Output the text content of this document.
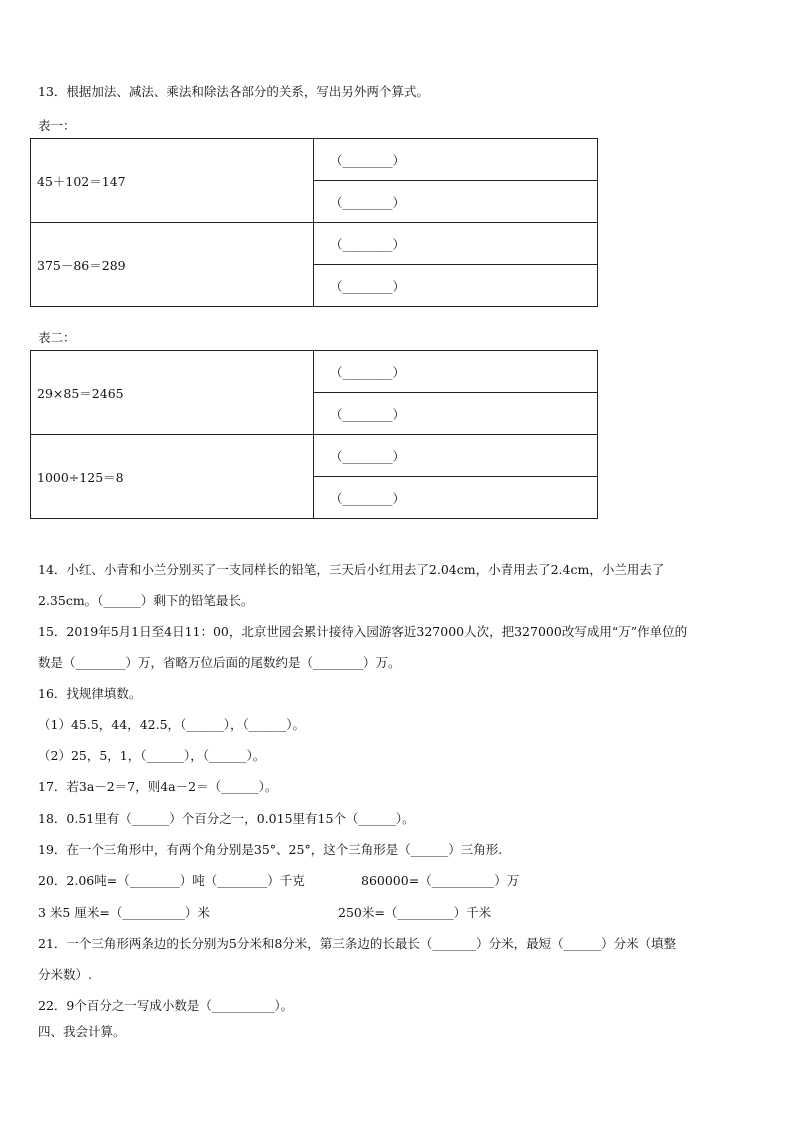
13．根据加法、减法、乘法和除法各部分的关系，写出另外两个算式。
表一：
45＋102＝147	（________）
	（________）
375－86＝289	（________）
	（________）
表二：
29×85＝2465	（________）
	（________）
1000÷125＝8	（________）
	（________）
14．小红、小青和小兰分别买了一支同样长的铅笔，三天后小红用去了2.04cm，小青用去了2.4cm，小兰用去了
2.35cm。（______）剩下的铅笔最长。
15．2019年5月1日至4日11：00，北京世园会累计接待入园游客近327000人次，把327000改写成用“万”作单位的
数是（________）万，省略万位后面的尾数约是（________）万。
16．找规律填数。
（1）45.5，44，42.5，（______），（______）。
（2）25，5，1，（______），（______）。
17．若3a－2＝7，则4a－2＝（______）。
18．0.51里有（______）个百分之一，0.015里有15个（______）。
19．在一个三角形中，有两个角分别是35°、25°，这个三角形是（______）三角形.
20．2.06吨=（________）吨（________）千克	860000=（__________）万
3 米5 厘米=（__________）米	250米=（_________）千米
21．一个三角形两条边的长分别为5分米和8分米，第三条边的长最长（_______）分米，最短（______）分米（填整
分米数）.
22．9个百分之一写成小数是（__________）。
四、我会计算。
